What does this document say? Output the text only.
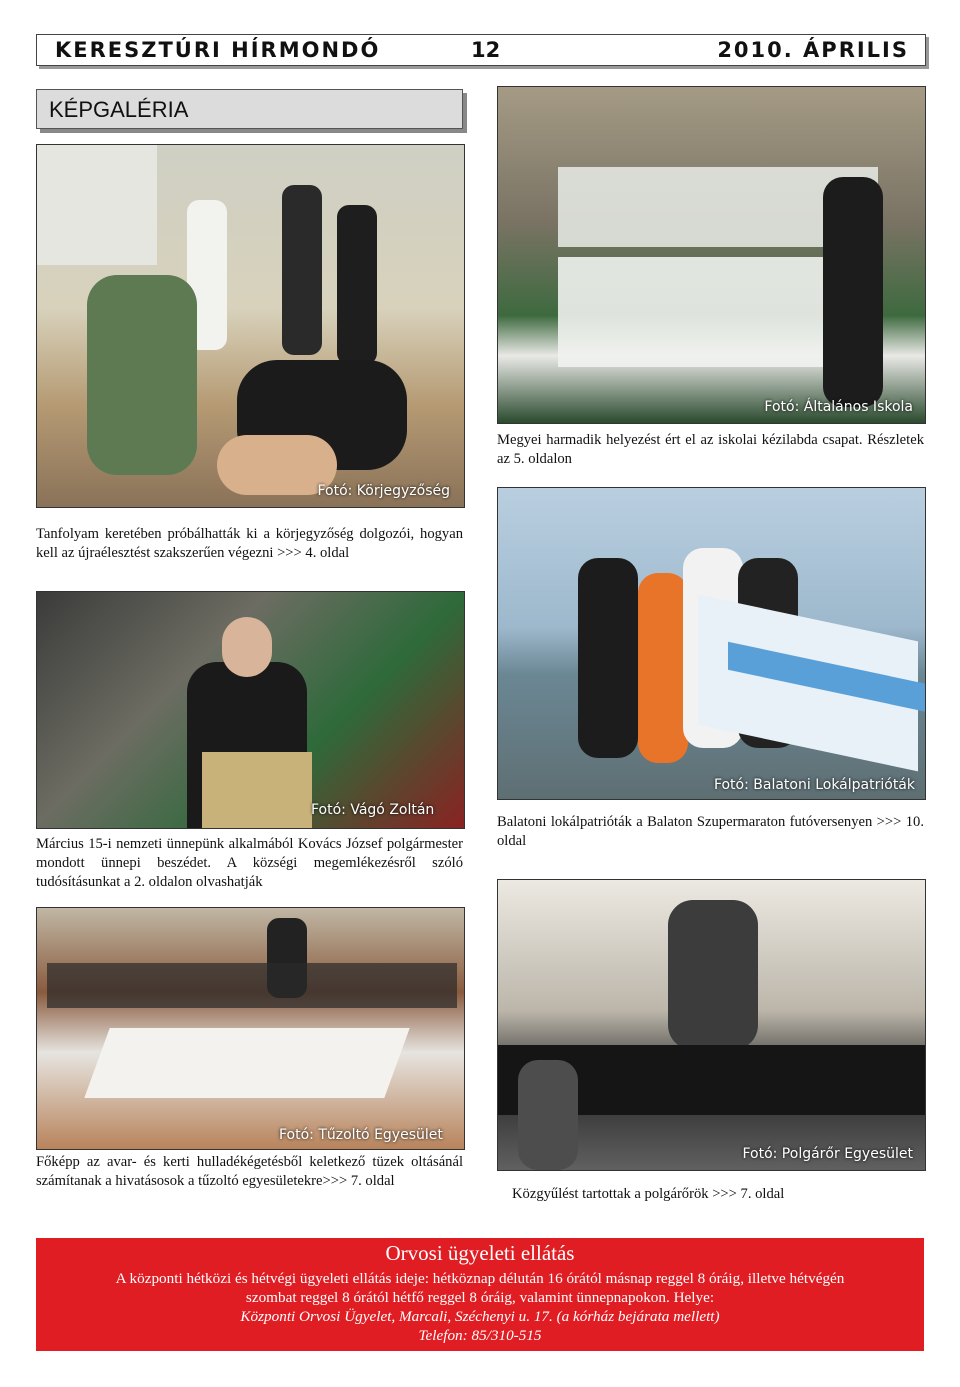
KERESZTÚRI HÍRMONDÓ	12	2010. ÁPRILIS
KÉPGALÉRIA
Fotó: Körjegyzőség
Tanfolyam keretében próbálhatták ki a körjegyzőség dolgozói, hogyan kell az újraélesztést szakszerűen végezni >>> 4. oldal
Fotó: Általános Iskola
Megyei harmadik helyezést ért el az iskolai kézilabda csapat. Részletek az 5. oldalon
Fotó: Vágó Zoltán
Március 15-i nemzeti ünnepünk alkalmából Kovács József polgármester mondott ünnepi beszédet. A községi megemlékezésről szóló tudósításunkat a 2. oldalon olvashatják
Fotó: Balatoni Lokálpatrióták
Balatoni lokálpatrióták a Balaton Szupermaraton futóversenyen >>> 10. oldal
Fotó: Tűzoltó Egyesület
Főképp az avar- és kerti hulladékégetésből keletkező tüzek oltásánál számítanak a hivatásosok a tűzoltó egyesületekre>>> 7. oldal
Fotó: Polgárőr Egyesület
Közgyűlést tartottak a polgárőrök >>> 7. oldal
Orvosi ügyeleti ellátás
A központi hétközi és hétvégi ügyeleti ellátás ideje: hétköznap délután 16 órától másnap reggel 8 óráig, illetve hétvégén
szombat reggel 8 órától hétfő reggel 8 óráig, valamint ünnepnapokon. Helye:
Központi Orvosi Ügyelet, Marcali, Széchenyi u. 17. (a kórház bejárata mellett)
Telefon: 85/310-515
